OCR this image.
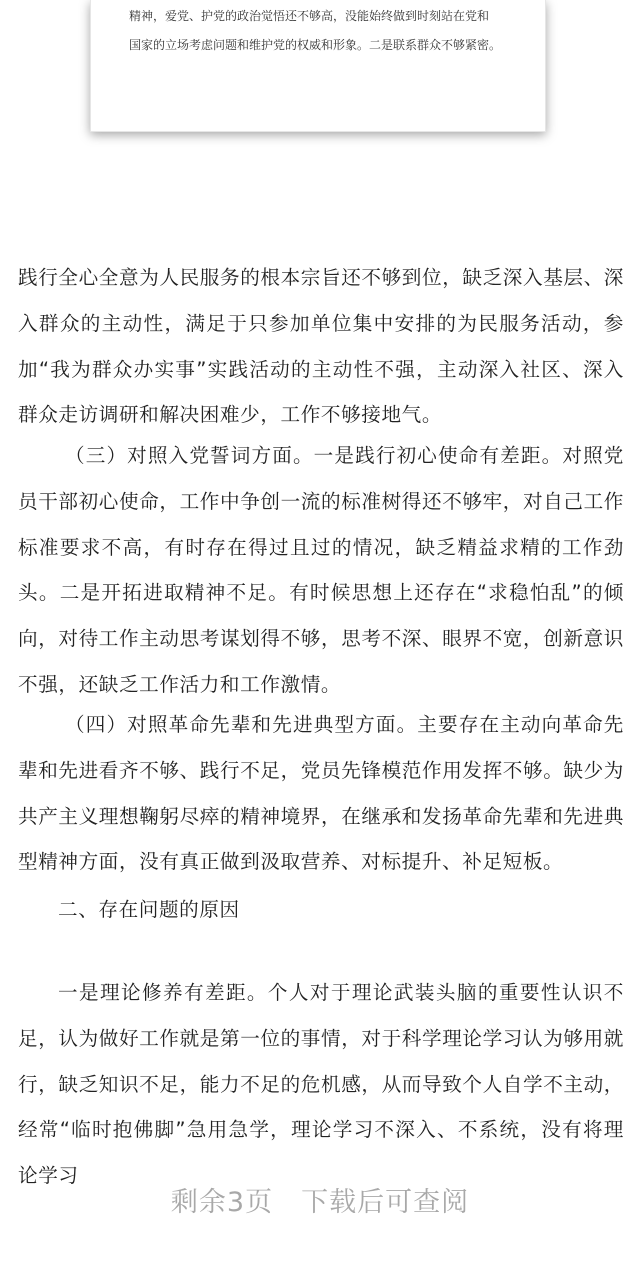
精神，爱党、护党的政治觉悟还不够高，没能始终做到时刻站在党和
国家的立场考虑问题和维护党的权威和形象。二是联系群众不够紧密。

践行全心全意为人民服务的根本宗旨还不够到位，缺乏深入基层、深入群众的主动性，满足于只参加单位集中安排的为民服务活动，参加“我为群众办实事”实践活动的主动性不强，主动深入社区、深入群众走访调研和解决困难少，工作不够接地气。

（三）对照入党誓词方面。一是践行初心使命有差距。对照党员干部初心使命，工作中争创一流的标准树得还不够牢，对自己工作标准要求不高，有时存在得过且过的情况，缺乏精益求精的工作劲头。二是开拓进取精神不足。有时候思想上还存在“求稳怕乱”的倾向，对待工作主动思考谋划得不够，思考不深、眼界不宽，创新意识不强，还缺乏工作活力和工作激情。

（四）对照革命先辈和先进典型方面。主要存在主动向革命先辈和先进看齐不够、践行不足，党员先锋模范作用发挥不够。缺少为共产主义理想鞠躬尽瘁的精神境界，在继承和发扬革命先辈和先进典型精神方面，没有真正做到汲取营养、对标提升、补足短板。

二、存在问题的原因

一是理论修养有差距。个人对于理论武装头脑的重要性认识不足，认为做好工作就是第一位的事情，对于科学理论学习认为够用就行，缺乏知识不足，能力不足的危机感，从而导致个人自学不主动，经常“临时抱佛脚”急用急学，理论学习不深入、不系统，没有将理论学习

剩余3页 下载后可查阅
